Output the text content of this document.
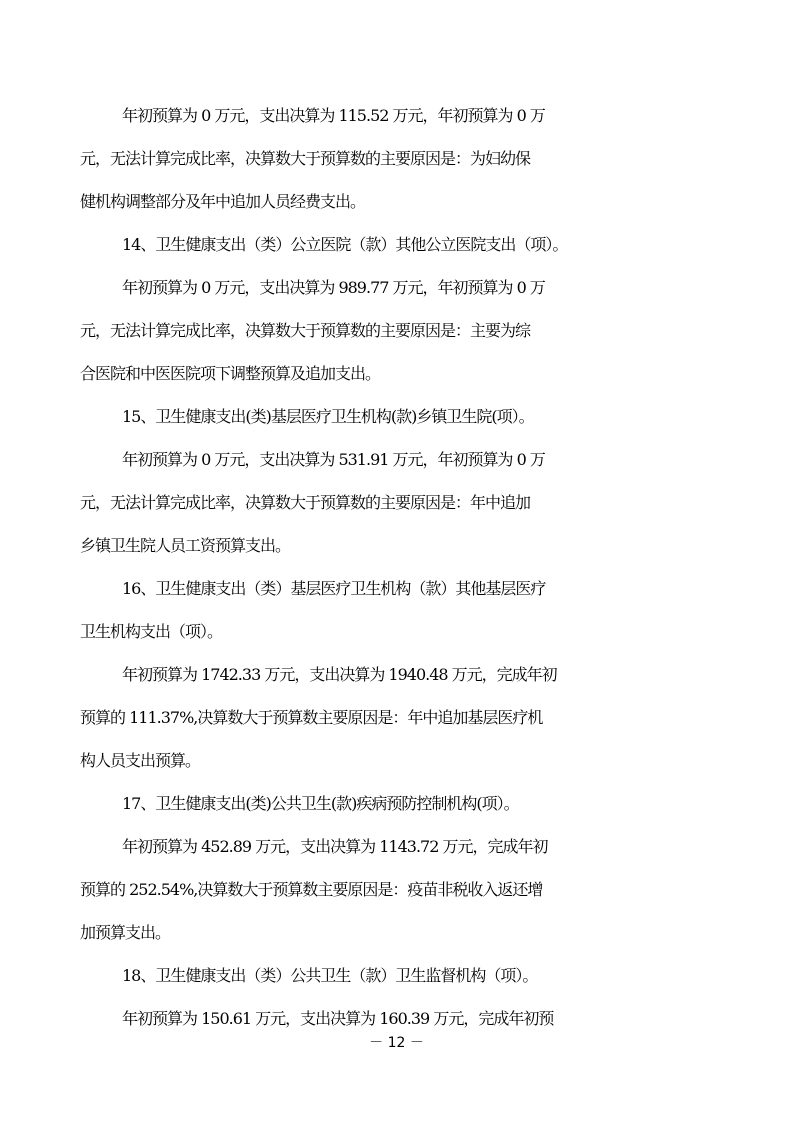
年初预算为 0 万元，支出决算为 115.52 万元，年初预算为 0 万
元，无法计算完成比率，决算数大于预算数的主要原因是：为妇幼保
健机构调整部分及年中追加人员经费支出。
14、卫生健康支出（类）公立医院（款）其他公立医院支出（项）。
年初预算为 0 万元，支出决算为 989.77 万元，年初预算为 0 万
元，无法计算完成比率，决算数大于预算数的主要原因是：主要为综
合医院和中医医院项下调整预算及追加支出。
15、卫生健康支出(类)基层医疗卫生机构(款)乡镇卫生院(项）。
年初预算为 0 万元，支出决算为 531.91 万元，年初预算为 0 万
元，无法计算完成比率，决算数大于预算数的主要原因是：年中追加
乡镇卫生院人员工资预算支出。
16、卫生健康支出（类）基层医疗卫生机构（款）其他基层医疗
卫生机构支出（项）。
年初预算为 1742.33 万元，支出决算为 1940.48 万元，完成年初
预算的 111.37%,决算数大于预算数主要原因是：年中追加基层医疗机
构人员支出预算。
17、卫生健康支出(类)公共卫生(款)疾病预防控制机构(项）。
年初预算为 452.89 万元，支出决算为 1143.72 万元，完成年初
预算的 252.54%,决算数大于预算数主要原因是：疫苗非税收入返还增
加预算支出。
18、卫生健康支出（类）公共卫生（款）卫生监督机构（项）。
年初预算为 150.61 万元，支出决算为 160.39 万元，完成年初预
－ 12 －
